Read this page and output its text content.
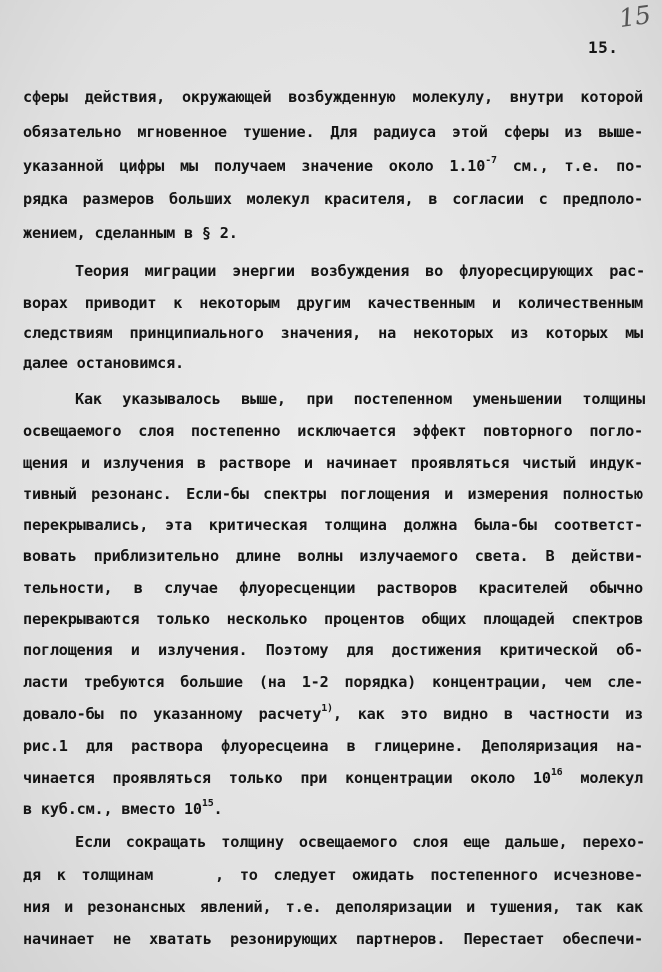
15
15.
сферы действия, окружающей возбужденную молекулу, внутри которой
обязательно мгновенное тушение. Для радиуса этой сферы из выше-
указанной цифры мы получаем значение около $1.10^{-7}$ см., т.е. по-
рядка размеров больших молекул красителя, в согласии с предполо-
жением, сделанным в § 2.
Теория миграции энергии возбуждения во флуоресцирующих рас-
ворах приводит к некоторым другим качественным и количественным
следствиям принципиального значения, на некоторых из которых мы
далее остановимся.
Как указывалось выше, при постепенном уменьшении толщины
освещаемого слоя постепенно исключается эффект повторного погло-
щения и излучения в растворе и начинает проявляться чистый индук-
тивный резонанс. Если-бы спектры поглощения и измерения полностью
перекрывались, эта критическая толщина должна была-бы соответст-
вовать приблизительно длине волны излучаемого света. В действи-
тельности, в случае флуоресценции растворов красителей обычно
перекрываются только несколько процентов общих площадей спектров
поглощения и излучения. Поэтому для достижения критической об-
ласти требуются большие (на 1-2 порядка) концентрации, чем сле-
довало-бы по указанному расчету$^{1)}$, как это видно в частности из
рис.1 для раствора флуоресцеина в глицерине. Деполяризация на-
чинается проявляться только при концентрации около $10^{16}$ молекул
в куб.см., вместо $10^{15}$.
Если сокращать толщину освещаемого слоя еще дальше, перехо-
дя к толщинам	, то следует ожидать постепенного исчезнове-
ния и резонансных явлений, т.е. деполяризации и тушения, так как
начинает не хватать резонирующих партнеров. Перестает обеспечи-
